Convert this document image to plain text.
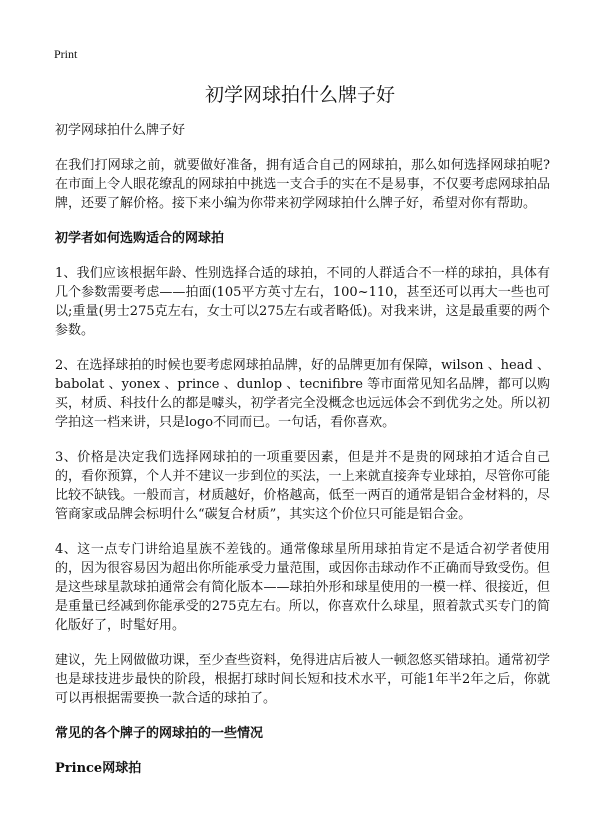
Print
初学网球拍什么牌子好
初学网球拍什么牌子好

在我们打网球之前，就要做好准备，拥有适合自己的网球拍，那么如何选择网球拍呢?在市面上令人眼花缭乱的网球拍中挑选一支合手的实在不是易事，不仅要考虑网球拍品牌，还要了解价格。接下来小编为你带来初学网球拍什么牌子好，希望对你有帮助。

初学者如何选购适合的网球拍

1、我们应该根据年龄、性别选择合适的球拍，不同的人群适合不一样的球拍，具体有几个参数需要考虑——拍面(105平方英寸左右，100~110，甚至还可以再大一些也可以;重量(男士275克左右，女士可以275左右或者略低)。对我来讲，这是最重要的两个参数。

2、在选择球拍的时候也要考虑网球拍品牌，好的品牌更加有保障，wilson 、head 、babolat 、yonex 、prince 、dunlop 、tecnifibre 等市面常见知名品牌，都可以购买，材质、科技什么的都是噱头，初学者完全没概念也远远体会不到优劣之处。所以初学拍这一档来讲，只是logo不同而已。一句话，看你喜欢。

3、价格是决定我们选择网球拍的一项重要因素，但是并不是贵的网球拍才适合自己的，看你预算，个人并不建议一步到位的买法，一上来就直接奔专业球拍，尽管你可能比较不缺钱。一般而言，材质越好，价格越高，低至一两百的通常是铝合金材料的，尽管商家或品牌会标明什么“碳复合材质”，其实这个价位只可能是铝合金。

4、这一点专门讲给追星族不差钱的。通常像球星所用球拍肯定不是适合初学者使用的，因为很容易因为超出你所能承受力量范围，或因你击球动作不正确而导致受伤。但是这些球星款球拍通常会有简化版本——球拍外形和球星使用的一模一样、很接近，但是重量已经减到你能承受的275克左右。所以，你喜欢什么球星，照着款式买专门的简化版好了，时髦好用。

建议，先上网做做功课，至少查些资料，免得进店后被人一顿忽悠买错球拍。通常初学也是球技进步最快的阶段，根据打球时间长短和技术水平，可能1年半2年之后，你就可以再根据需要换一款合适的球拍了。

常见的各个牌子的网球拍的一些情况
Prince网球拍
